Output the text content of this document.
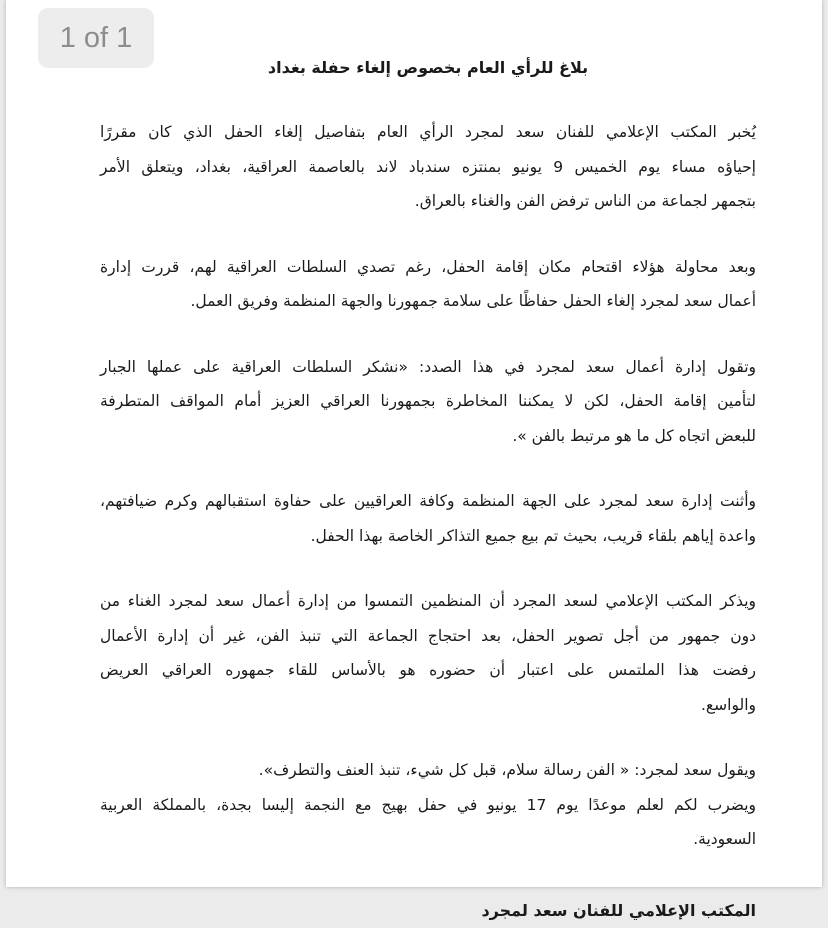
1 of 1
بلاغ للرأي العام بخصوص إلغاء حفلة بغداد
يُخبر المكتب الإعلامي للفنان سعد لمجرد الرأي العام بتفاصيل إلغاء الحفل الذي كان مقررًا
إحياؤه مساء يوم الخميس 9 يونيو بمنتزه سندباد لاند بالعاصمة العراقية، بغداد، ويتعلق الأمر
بتجمهر لجماعة من الناس ترفض الفن والغناء بالعراق.
وبعد محاولة هؤلاء اقتحام مكان إقامة الحفل، رغم تصدي السلطات العراقية لهم، قررت إدارة
أعمال سعد لمجرد إلغاء الحفل حفاظًا على سلامة جمهورنا والجهة المنظمة وفريق العمل.
وتقول إدارة أعمال سعد لمجرد في هذا الصدد: «نشكر السلطات العراقية على عملها الجبار
لتأمين إقامة الحفل، لكن لا يمكننا المخاطرة بجمهورنا العراقي العزيز أمام المواقف المتطرفة
للبعض اتجاه كل ما هو مرتبط بالفن ».
وأثنت إدارة سعد لمجرد على الجهة المنظمة وكافة العراقيين على حفاوة استقبالهم وكرم ضيافتهم،
واعدة إياهم بلقاء قريب، بحيث تم بيع جميع التذاكر الخاصة بهذا الحفل.
ويذكر المكتب الإعلامي لسعد المجرد أن المنظمين التمسوا من إدارة أعمال سعد لمجرد الغناء من
دون جمهور من أجل تصوير الحفل، بعد احتجاج الجماعة التي تنبذ الفن، غير أن إدارة الأعمال
رفضت هذا الملتمس على اعتبار أن حضوره هو بالأساس للقاء جمهوره العراقي العريض
والواسع.
ويقول سعد لمجرد: « الفن رسالة سلام، قبل كل شيء، تنبذ العنف والتطرف».
ويضرب لكم لعلم موعدًا يوم 17 يونيو في حفل بهيج مع النجمة إليسا بجدة، بالمملكة العربية
السعودية.
المكتب الإعلامي للفنان سعد لمجرد
